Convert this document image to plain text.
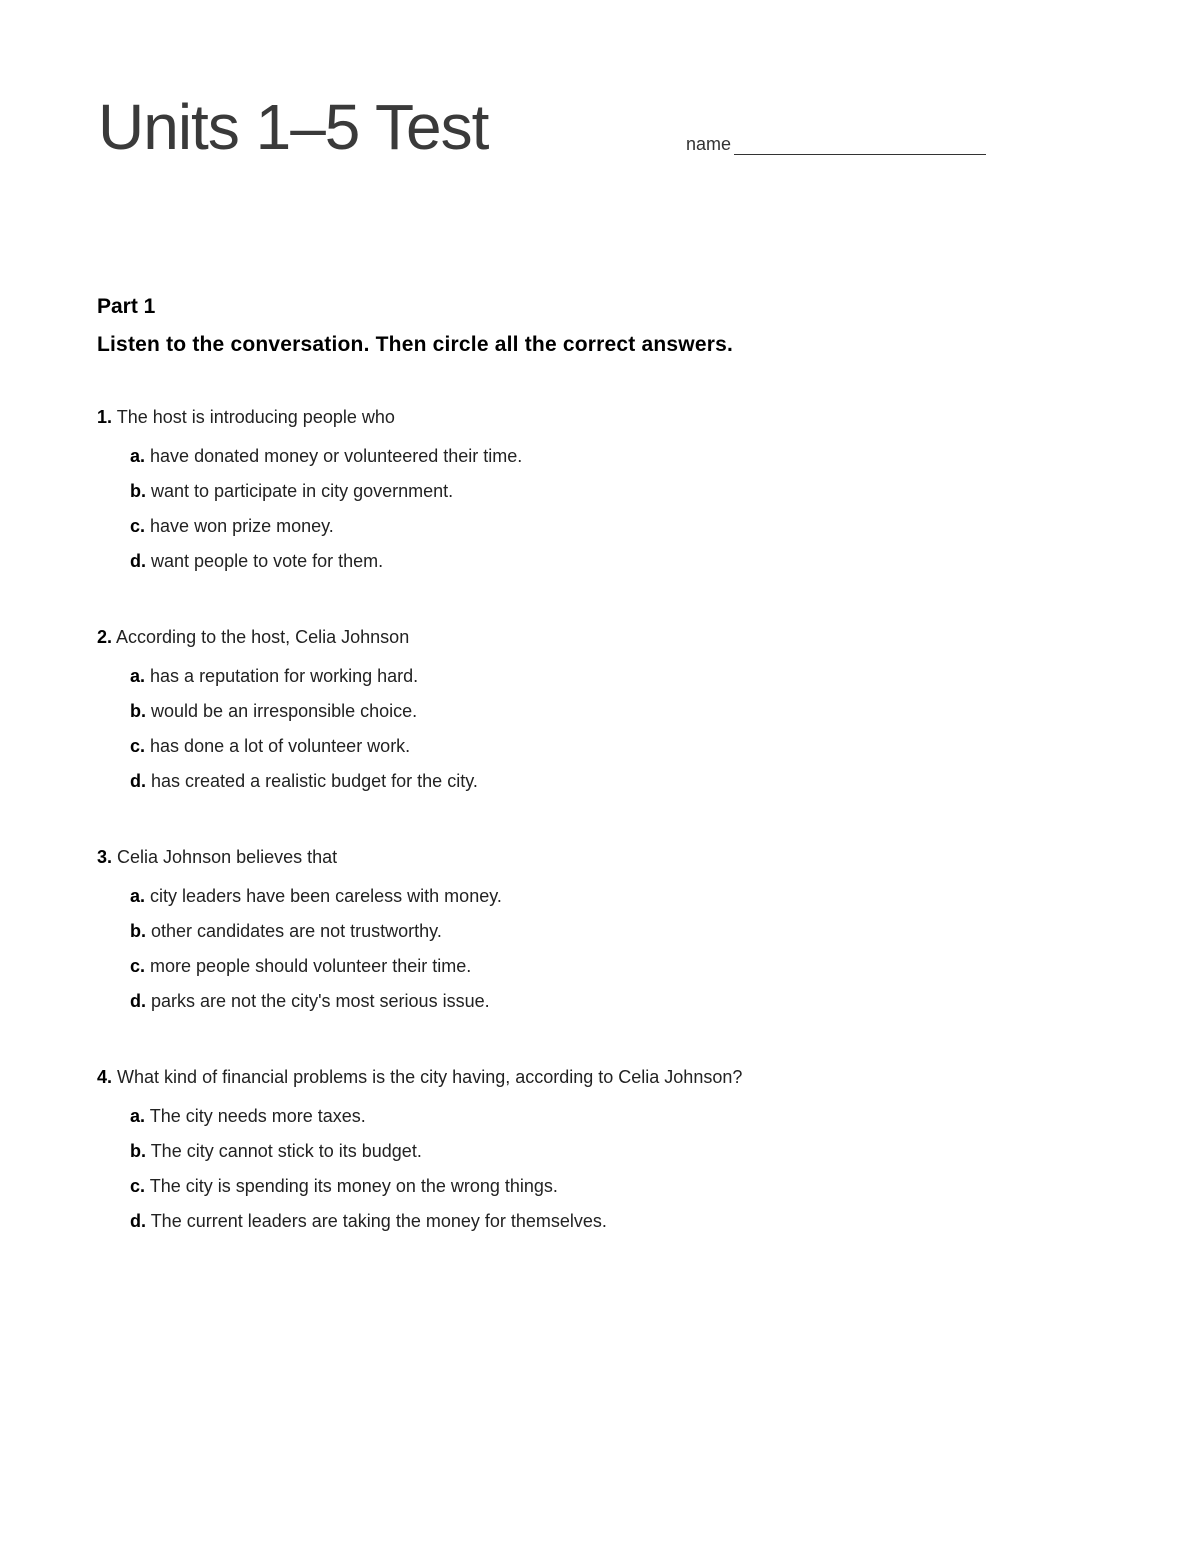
Units 1–5 Test	name
Part 1
Listen to the conversation. Then circle all the correct answers.
1. The host is introducing people who
a. have donated money or volunteered their time.
b. want to participate in city government.
c. have won prize money.
d. want people to vote for them.
2. According to the host, Celia Johnson
a. has a reputation for working hard.
b. would be an irresponsible choice.
c. has done a lot of volunteer work.
d. has created a realistic budget for the city.
3. Celia Johnson believes that
a. city leaders have been careless with money.
b. other candidates are not trustworthy.
c. more people should volunteer their time.
d. parks are not the city's most serious issue.
4. What kind of financial problems is the city having, according to Celia Johnson?
a. The city needs more taxes.
b. The city cannot stick to its budget.
c. The city is spending its money on the wrong things.
d. The current leaders are taking the money for themselves.
